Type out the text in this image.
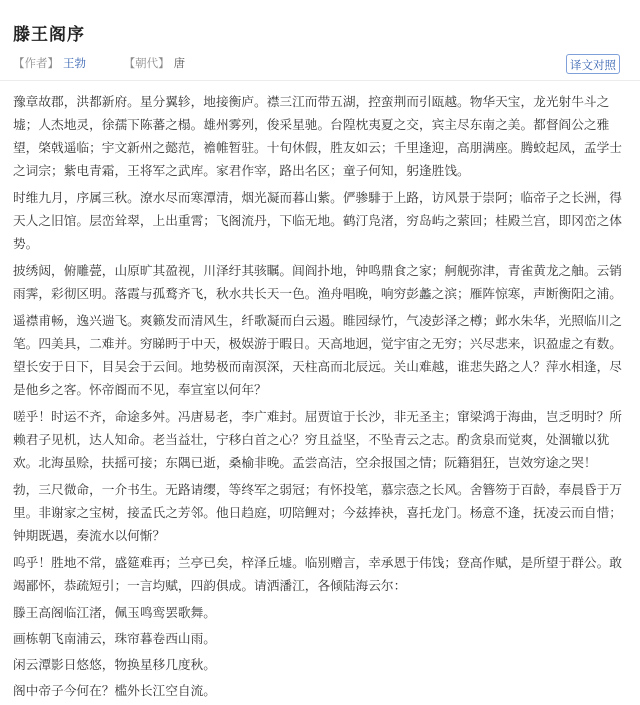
滕王阁序
【作者】 王勃	【朝代】 唐	译文对照

豫章故郡，洪都新府。星分翼轸，地接衡庐。襟三江而带五湖，控蛮荆而引瓯越。物华天宝，龙光射牛斗之墟；人杰地灵，徐孺下陈蕃之榻。雄州雾列，俊采星驰。台隍枕夷夏之交，宾主尽东南之美。都督阎公之雅望，棨戟遥临；宇文新州之懿范，襜帷暂驻。十旬休假，胜友如云；千里逢迎，高朋满座。腾蛟起凤，孟学士之词宗；紫电青霜，王将军之武库。家君作宰，路出名区；童子何知，躬逢胜饯。

时维九月，序属三秋。潦水尽而寒潭清，烟光凝而暮山紫。俨骖騑于上路，访风景于崇阿；临帝子之长洲，得天人之旧馆。层峦耸翠，上出重霄；飞阁流丹，下临无地。鹤汀凫渚，穷岛屿之萦回；桂殿兰宫，即冈峦之体势。

披绣闼，俯雕甍，山原旷其盈视，川泽纡其骇瞩。闾阎扑地，钟鸣鼎食之家；舸舰弥津，青雀黄龙之舳。云销雨霁，彩彻区明。落霞与孤鹜齐飞，秋水共长天一色。渔舟唱晚，响穷彭蠡之滨；雁阵惊寒，声断衡阳之浦。

遥襟甫畅，逸兴遄飞。爽籁发而清风生，纤歌凝而白云遏。睢园绿竹，气凌彭泽之樽；邺水朱华，光照临川之笔。四美具，二难并。穷睇眄于中天，极娱游于暇日。天高地迥，觉宇宙之无穷；兴尽悲来，识盈虚之有数。望长安于日下，目吴会于云间。地势极而南溟深，天柱高而北辰远。关山难越，谁悲失路之人？萍水相逢，尽是他乡之客。怀帝阍而不见，奉宣室以何年？

嗟乎！时运不齐，命途多舛。冯唐易老，李广难封。屈贾谊于长沙，非无圣主；窜梁鸿于海曲，岂乏明时？所赖君子见机，达人知命。老当益壮，宁移白首之心？穷且益坚，不坠青云之志。酌贪泉而觉爽，处涸辙以犹欢。北海虽赊，扶摇可接；东隅已逝，桑榆非晚。孟尝高洁，空余报国之情；阮籍猖狂，岂效穷途之哭！

勃，三尺微命，一介书生。无路请缨，等终军之弱冠；有怀投笔，慕宗悫之长风。舍簪笏于百龄，奉晨昏于万里。非谢家之宝树，接孟氏之芳邻。他日趋庭，叨陪鲤对；今兹捧袂，喜托龙门。杨意不逢，抚凌云而自惜；钟期既遇，奏流水以何惭？

呜乎！胜地不常，盛筵难再；兰亭已矣，梓泽丘墟。临别赠言，幸承恩于伟饯；登高作赋，是所望于群公。敢竭鄙怀，恭疏短引；一言均赋，四韵俱成。请洒潘江，各倾陆海云尔：

滕王高阁临江渚，佩玉鸣鸾罢歌舞。

画栋朝飞南浦云，珠帘暮卷西山雨。

闲云潭影日悠悠，物换星移几度秋。

阁中帝子今何在？槛外长江空自流。
